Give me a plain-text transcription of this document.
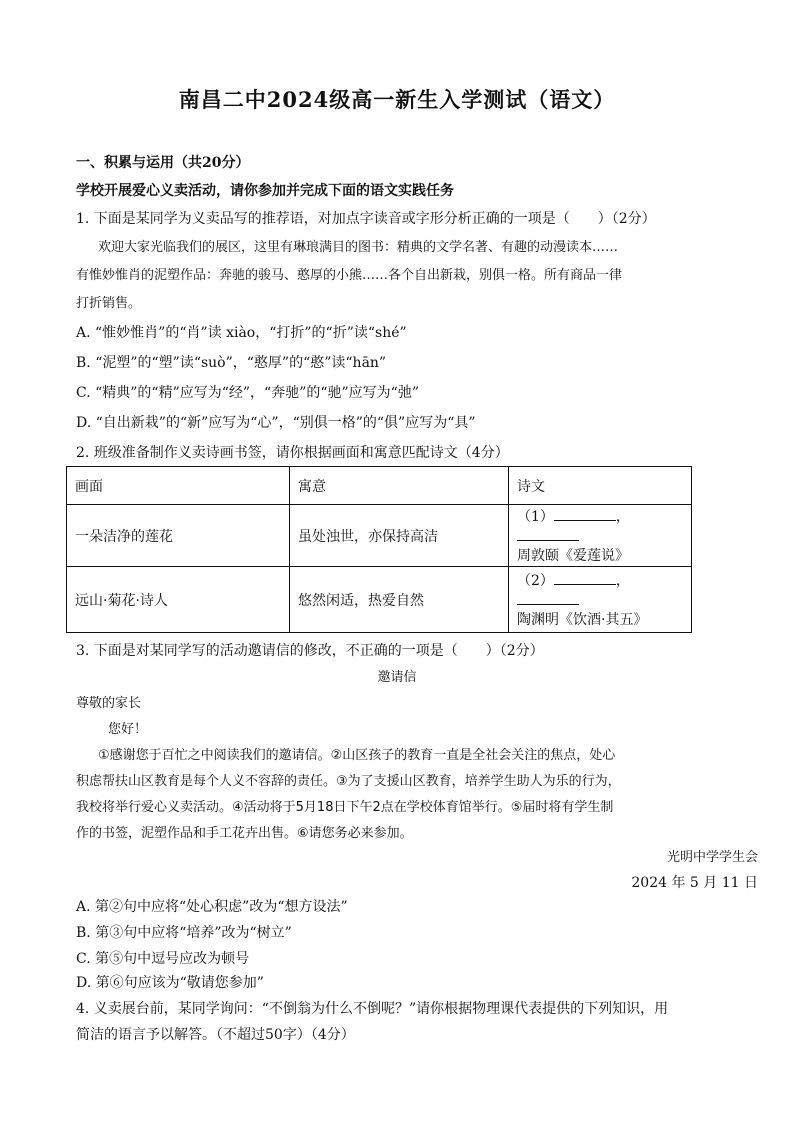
南昌二中2024级高一新生入学测试（语文）
一、积累与运用（共20分）
学校开展爱心义卖活动，请你参加并完成下面的语文实践任务
1. 下面是某同学为义卖品写的推荐语，对加点字读音或字形分析正确的一项是（　　）（2分）
欢迎大家光临我们的展区，这里有琳琅满目的图书：精典的文学名著、有趣的动漫读本……
有惟妙惟肖的泥塑作品：奔驰的骏马、憨厚的小熊……各个自出新栽，别俱一格。所有商品一律
打折销售。
A. “惟妙惟肖”的“肖”读 xiào，“打折”的“折”读“shé”
B. “泥塑”的“塑”读“suò”，“憨厚”的“憨”读“hān”
C. “精典”的“精”应写为“经”，“奔驰”的“驰”应写为“弛”
D. “自出新栽”的“新”应写为“心”，“别俱一格”的“俱”应写为“具”
2. 班级准备制作义卖诗画书签，请你根据画面和寓意匹配诗文（4分）
画面	寓意	诗文
一朵洁净的莲花	虽处浊世，亦保持高洁	（1） ，
周敦颐《爱莲说》

远山·菊花·诗人	悠然闲适，热爱自然	（2） ，
陶渊明《饮酒·其五》
3. 下面是对某同学写的活动邀请信的修改，不正确的一项是（　　）（2分）
邀请信
尊敬的家长
您好！
①感谢您于百忙之中阅读我们的邀请信。②山区孩子的教育一直是全社会关注的焦点，处心
积虑帮扶山区教育是每个人义不容辞的责任。③为了支援山区教育，培养学生助人为乐的行为，
我校将举行爱心义卖活动。④活动将于5月18日下午2点在学校体育馆举行。⑤届时将有学生制
作的书签，泥塑作品和手工花卉出售。⑥请您务必来参加。
光明中学学生会
2024 年 5 月 11 日
A. 第②句中应将“处心积虑”改为“想方设法”
B. 第③句中应将“培养”改为“树立”
C. 第⑤句中逗号应改为顿号
D. 第⑥句应该为“敬请您参加”
4. 义卖展台前，某同学询问：“不倒翁为什么不倒呢？”请你根据物理课代表提供的下列知识，用
简洁的语言予以解答。（不超过50字）（4分）
